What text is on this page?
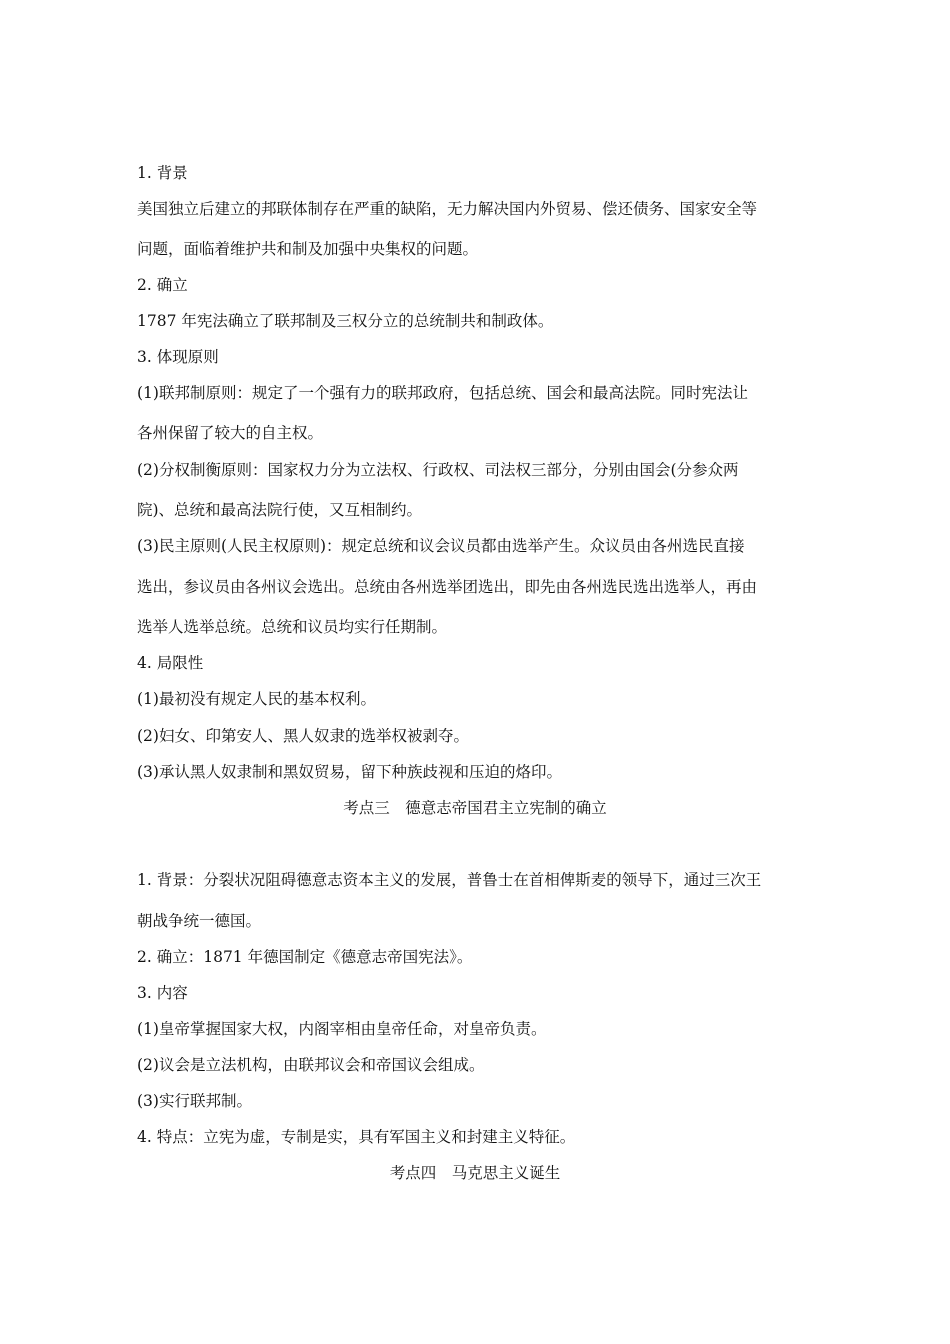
1. 背景
美国独立后建立的邦联体制存在严重的缺陷，无力解决国内外贸易、偿还债务、国家安全等
问题，面临着维护共和制及加强中央集权的问题。
2. 确立
1787 年宪法确立了联邦制及三权分立的总统制共和制政体。
3. 体现原则
(1)联邦制原则：规定了一个强有力的联邦政府，包括总统、国会和最高法院。同时宪法让
各州保留了较大的自主权。
(2)分权制衡原则：国家权力分为立法权、行政权、司法权三部分，分别由国会(分参众两
院)、总统和最高法院行使，又互相制约。
(3)民主原则(人民主权原则)：规定总统和议会议员都由选举产生。众议员由各州选民直接
选出，参议员由各州议会选出。总统由各州选举团选出，即先由各州选民选出选举人，再由
选举人选举总统。总统和议员均实行任期制。
4. 局限性
(1)最初没有规定人民的基本权利。
(2)妇女、印第安人、黑人奴隶的选举权被剥夺。
(3)承认黑人奴隶制和黑奴贸易，留下种族歧视和压迫的烙印。
考点三　德意志帝国君主立宪制的确立
1. 背景：分裂状况阻碍德意志资本主义的发展，普鲁士在首相俾斯麦的领导下，通过三次王
朝战争统一德国。
2. 确立：1871 年德国制定《德意志帝国宪法》。
3. 内容
(1)皇帝掌握国家大权，内阁宰相由皇帝任命，对皇帝负责。
(2)议会是立法机构，由联邦议会和帝国议会组成。
(3)实行联邦制。
4. 特点：立宪为虚，专制是实，具有军国主义和封建主义特征。
考点四　马克思主义诞生
